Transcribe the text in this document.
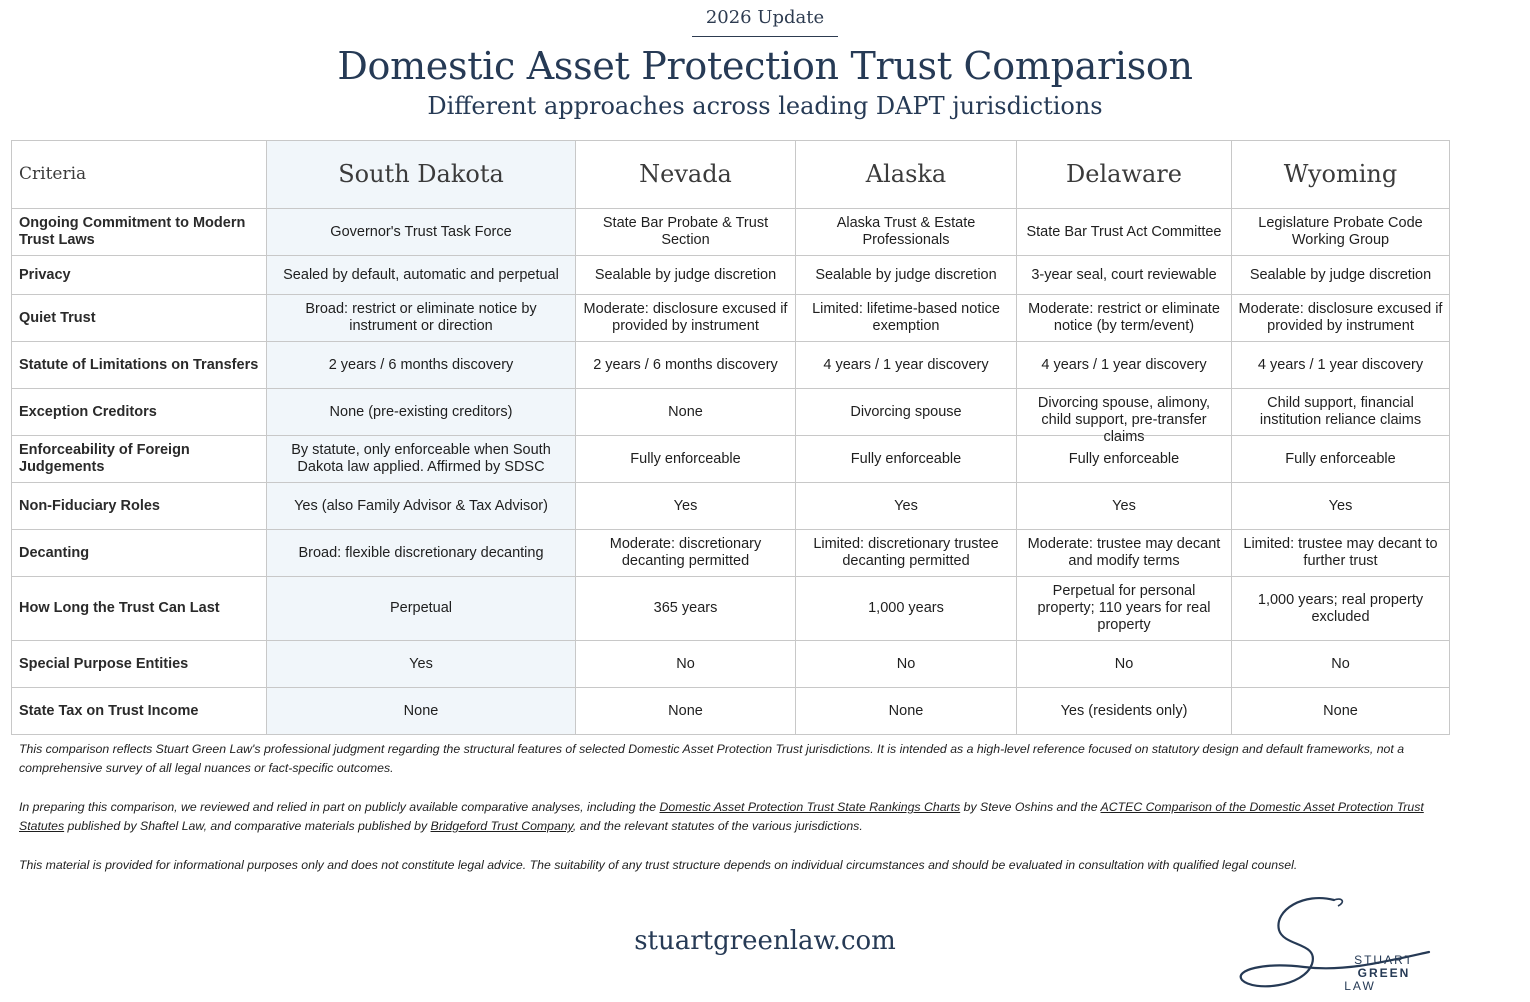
2026 Update
Domestic Asset Protection Trust Comparison
Different approaches across leading DAPT jurisdictions
Criteria	South Dakota	Nevada	Alaska	Delaware	Wyoming
Ongoing Commitment to Modern Trust Laws	Governor's Trust Task Force	State Bar Probate & Trust Section	Alaska Trust & Estate Professionals	State Bar Trust Act Committee	Legislature Probate Code Working Group
Privacy	Sealed by default, automatic and perpetual	Sealable by judge discretion	Sealable by judge discretion	3-year seal, court reviewable	Sealable by judge discretion
Quiet Trust	Broad: restrict or eliminate notice by instrument or direction	Moderate: disclosure excused if provided by instrument	Limited: lifetime-based notice exemption	Moderate: restrict or eliminate notice (by term/event)	Moderate: disclosure excused if provided by instrument
Statute of Limitations on Transfers	2 years / 6 months discovery	2 years / 6 months discovery	4 years / 1 year discovery	4 years / 1 year discovery	4 years / 1 year discovery
Exception Creditors	None (pre-existing creditors)	None	Divorcing spouse	Divorcing spouse, alimony, child support, pre-transfer claims	Child support, financial institution reliance claims
Enforceability of Foreign Judgements	By statute, only enforceable when South Dakota law applied. Affirmed by SDSC	Fully enforceable	Fully enforceable	Fully enforceable	Fully enforceable
Non-Fiduciary Roles	Yes (also Family Advisor & Tax Advisor)	Yes	Yes	Yes	Yes
Decanting	Broad: flexible discretionary decanting	Moderate: discretionary decanting permitted	Limited: discretionary trustee decanting permitted	Moderate: trustee may decant and modify terms	Limited: trustee may decant to further trust
How Long the Trust Can Last	Perpetual	365 years	1,000 years	Perpetual for personal property; 110 years for real property	1,000 years; real property excluded
Special Purpose Entities	Yes	No	No	No	No
State Tax on Trust Income	None	None	None	Yes (residents only)	None

This comparison reflects Stuart Green Law's professional judgment regarding the structural features of selected Domestic Asset Protection Trust jurisdictions. It is intended as a high-level reference focused on statutory design and default frameworks, not a comprehensive survey of all legal nuances or fact-specific outcomes.

In preparing this comparison, we reviewed and relied in part on publicly available comparative analyses, including the Domestic Asset Protection Trust State Rankings Charts by Steve Oshins and the ACTEC Comparison of the Domestic Asset Protection Trust Statutes published by Shaftel Law, and comparative materials published by Bridgeford Trust Company, and the relevant statutes of the various jurisdictions.

This material is provided for informational purposes only and does not constitute legal advice. The suitability of any trust structure depends on individual circumstances and should be evaluated in consultation with qualified legal counsel.

stuartgreenlaw.com
STUART
GREEN
LAW
